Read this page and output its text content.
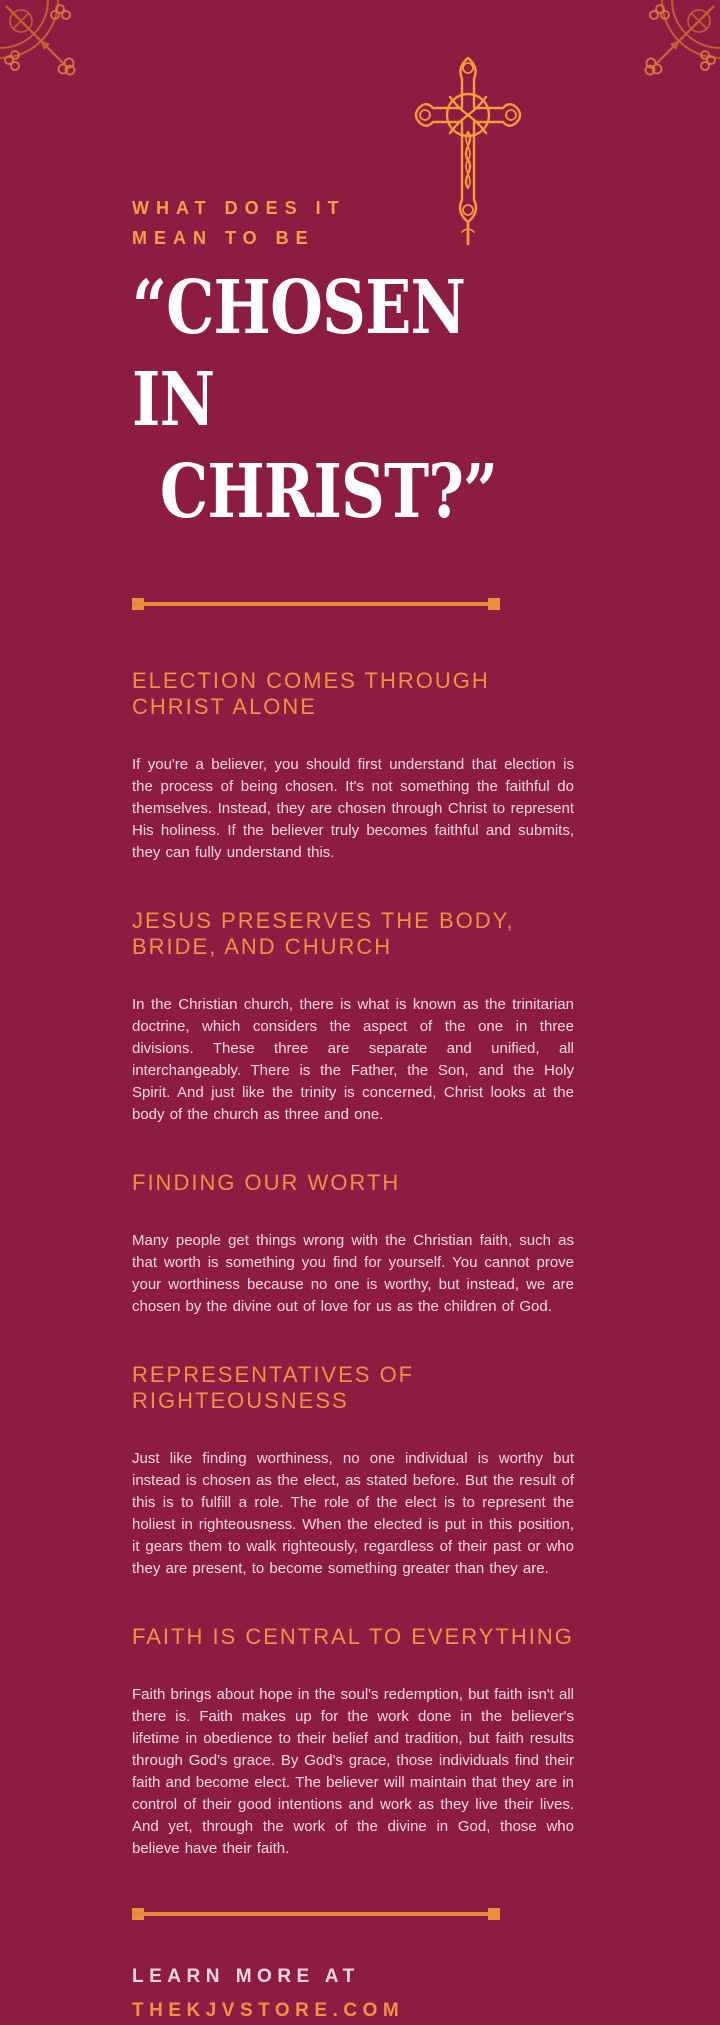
WHAT DOES IT
MEAN TO BE
“CHOSEN IN
CHRIST?”
ELECTION COMES THROUGH
CHRIST ALONE

If you're a believer, you should first understand that election is the process of being chosen. It's not something the faithful do themselves. Instead, they are chosen through Christ to represent His holiness. If the believer truly becomes faithful and submits, they can fully understand this.

JESUS PRESERVES THE BODY,
BRIDE, AND CHURCH

In the Christian church, there is what is known as the trinitarian doctrine, which considers the aspect of the one in three divisions. These three are separate and unified, all interchangeably. There is the Father, the Son, and the Holy Spirit. And just like the trinity is concerned, Christ looks at the body of the church as three and one.

FINDING OUR WORTH

Many people get things wrong with the Christian faith, such as that worth is something you find for yourself. You cannot prove your worthiness because no one is worthy, but instead, we are chosen by the divine out of love for us as the children of God.

REPRESENTATIVES OF
RIGHTEOUSNESS

Just like finding worthiness, no one individual is worthy but instead is chosen as the elect, as stated before. But the result of this is to fulfill a role. The role of the elect is to represent the holiest in righteousness. When the elected is put in this position, it gears them to walk righteously, regardless of their past or who they are present, to become something greater than they are.

FAITH IS CENTRAL TO EVERYTHING

Faith brings about hope in the soul's redemption, but faith isn't all there is. Faith makes up for the work done in the believer's lifetime in obedience to their belief and tradition, but faith results through God's grace. By God's grace, those individuals find their faith and become elect. The believer will maintain that they are in control of their good intentions and work as they live their lives. And yet, through the work of the divine in God, those who believe have their faith.

LEARN MORE AT
THEKJVSTORE.COM
